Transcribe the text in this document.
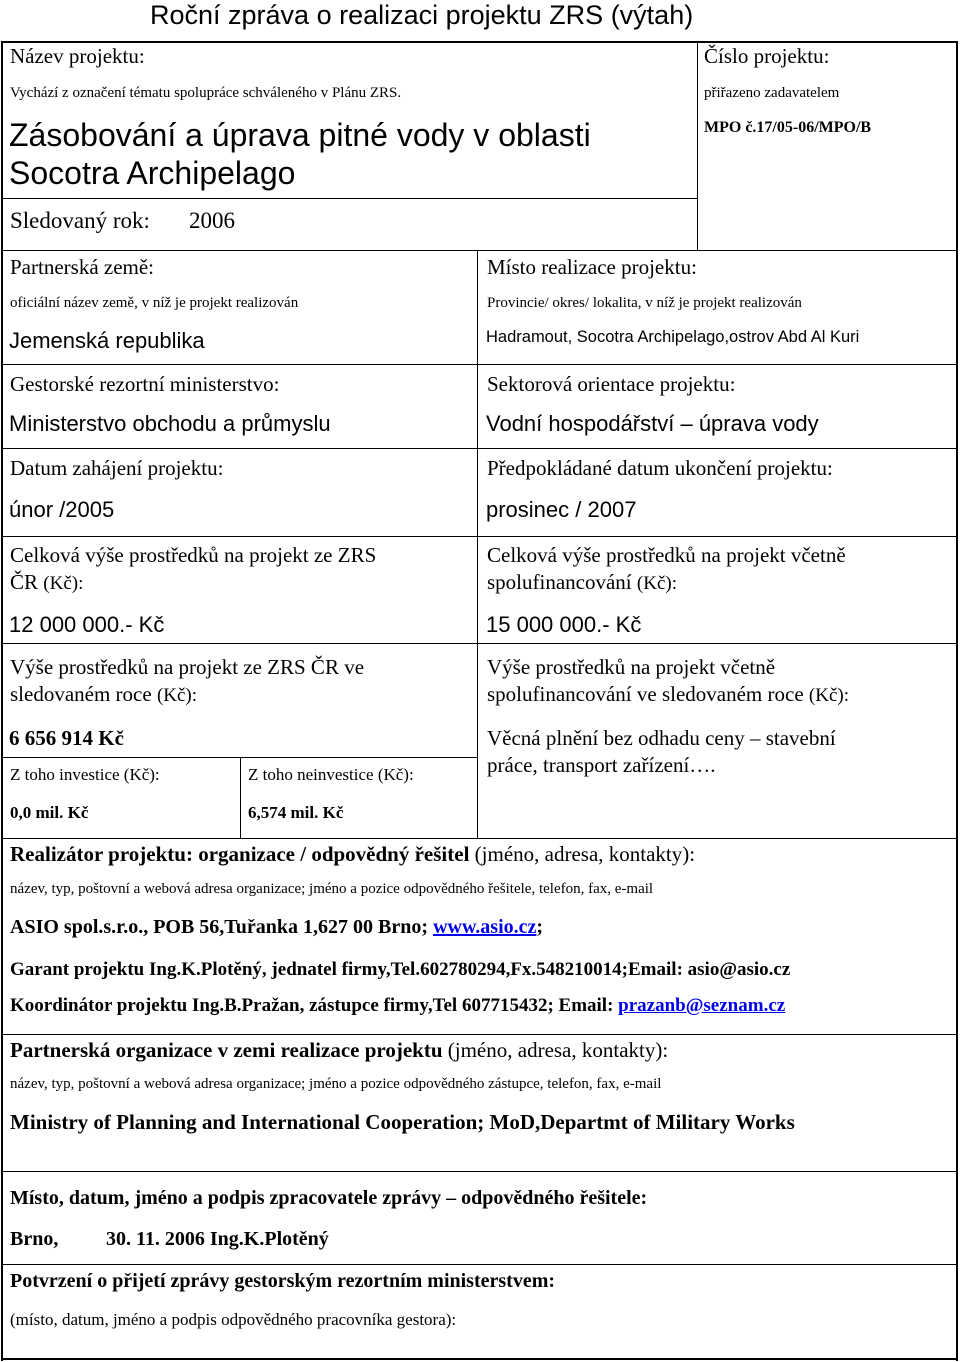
Roční zpráva o realizaci projektu ZRS (výtah)
Název projektu:
Vychází z označení tématu spolupráce schváleného v Plánu ZRS.
Zásobování a úprava pitné vody v oblasti
Socotra Archipelago
Číslo projektu:
přiřazeno zadavatelem
MPO č.17/05-06/MPO/B
Sledovaný rok: 2006
Partnerská země:
oficiální název země, v níž je projekt realizován
Jemenská republika
Místo realizace projektu:
Provincie/ okres/ lokalita, v níž je projekt realizován
Hadramout, Socotra Archipelago,ostrov Abd Al Kuri
Gestorské rezortní ministerstvo:
Ministerstvo obchodu a průmyslu
Sektorová orientace projektu:
Vodní hospodářství – úprava vody
Datum zahájení projektu:
únor /2005
Předpokládané datum ukončení projektu:
prosinec / 2007
Celková výše prostředků na projekt ze ZRS
ČR (Kč):
12 000 000.- Kč
Celková výše prostředků na projekt včetně
spolufinancování (Kč):
15 000 000.- Kč
Výše prostředků na projekt ze ZRS ČR ve
sledovaném roce (Kč):
6 656 914 Kč
Z toho investice (Kč):
0,0 mil. Kč
Z toho neinvestice (Kč):
6,574 mil. Kč
Výše prostředků na projekt včetně
spolufinancování ve sledovaném roce (Kč):
Věcná plnění bez odhadu ceny – stavební
práce, transport zařízení….
Realizátor projektu: organizace / odpovědný řešitel (jméno, adresa, kontakty):
název, typ, poštovní a webová adresa organizace; jméno a pozice odpovědného řešitele, telefon, fax, e-mail
ASIO spol.s.r.o., POB 56,Tuřanka 1,627 00 Brno; www.asio.cz;
Garant projektu Ing.K.Plotěný, jednatel firmy,Tel.602780294,Fx.548210014;Email: asio@asio.cz
Koordinátor projektu Ing.B.Pražan, zástupce firmy,Tel 607715432; Email: prazanb@seznam.cz
Partnerská organizace v zemi realizace projektu (jméno, adresa, kontakty):
název, typ, poštovní a webová adresa organizace; jméno a pozice odpovědného zástupce, telefon, fax, e-mail
Ministry of Planning and International Cooperation; MoD,Departmt of Military Works
Místo, datum, jméno a podpis zpracovatele zprávy – odpovědného řešitele:
Brno, 30. 11. 2006 Ing.K.Plotěný
Potvrzení o přijetí zprávy gestorským rezortním ministerstvem:
(místo, datum, jméno a podpis odpovědného pracovníka gestora):
